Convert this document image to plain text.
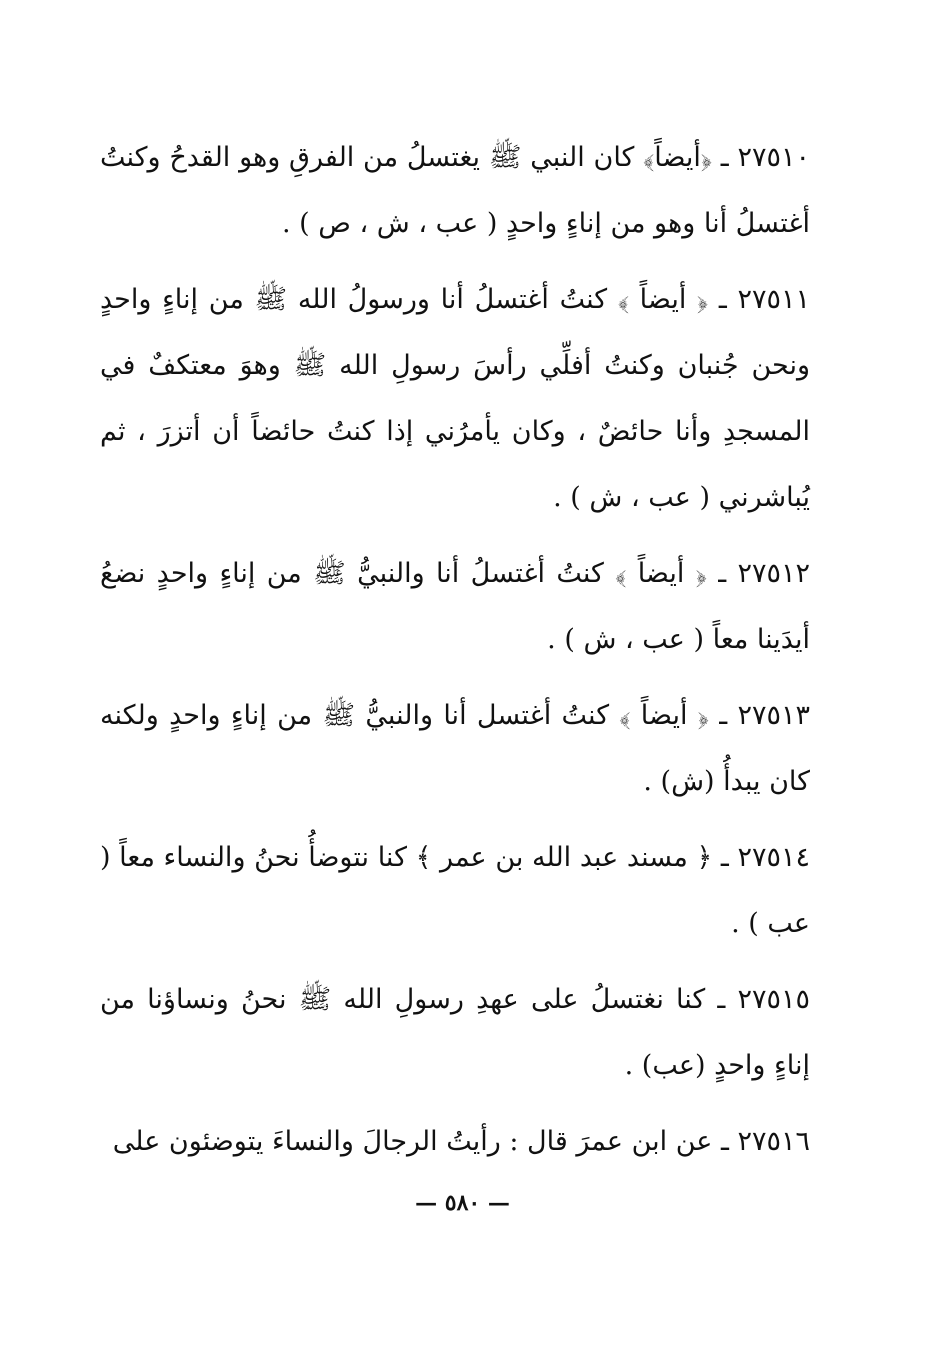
٢٧٥١٠ ـ ﴿أيضاً﴾ كان النبي ﷺ يغتسلُ من الفرقِ وهو القدحُ وكنتُ أغتسلُ أنا وهو من إناءٍ واحدٍ ( عب ، ش ، ص ) .

٢٧٥١١ ـ ﴿ أيضاً ﴾ كنتُ أغتسلُ أنا ورسولُ الله ﷺ من إناءٍ واحدٍ ونحن جُنبان وكنتُ أفلِّي رأسَ رسولِ الله ﷺ وهوَ معتكفٌ في المسجدِ وأنا حائضٌ ، وكان يأمرُني إذا كنتُ حائضاً أن أتزرَ ، ثم يُباشرني ( عب ، ش ) .

٢٧٥١٢ ـ ﴿ أيضاً ﴾ كنتُ أغتسلُ أنا والنبيُّ ﷺ من إناءٍ واحدٍ نضعُ أيدَينا معاً ( عب ، ش ) .

٢٧٥١٣ ـ ﴿ أيضاً ﴾ كنتُ أغتسل أنا والنبيُّ ﷺ من إناءٍ واحدٍ ولكنه كان يبدأُ (ش) .

٢٧٥١٤ ـ ﴿ مسند عبد الله بن عمر ﴾ كنا نتوضأُ نحنُ والنساء معاً ( عب ) .

٢٧٥١٥ ـ كنا نغتسلُ على عهدِ رسولِ الله ﷺ نحنُ ونساؤنا من إناءٍ واحدٍ (عب) .

٢٧٥١٦ ـ عن ابن عمرَ قال : رأيتُ الرجالَ والنساءَ يتوضئون على

— ٥٨٠ —
